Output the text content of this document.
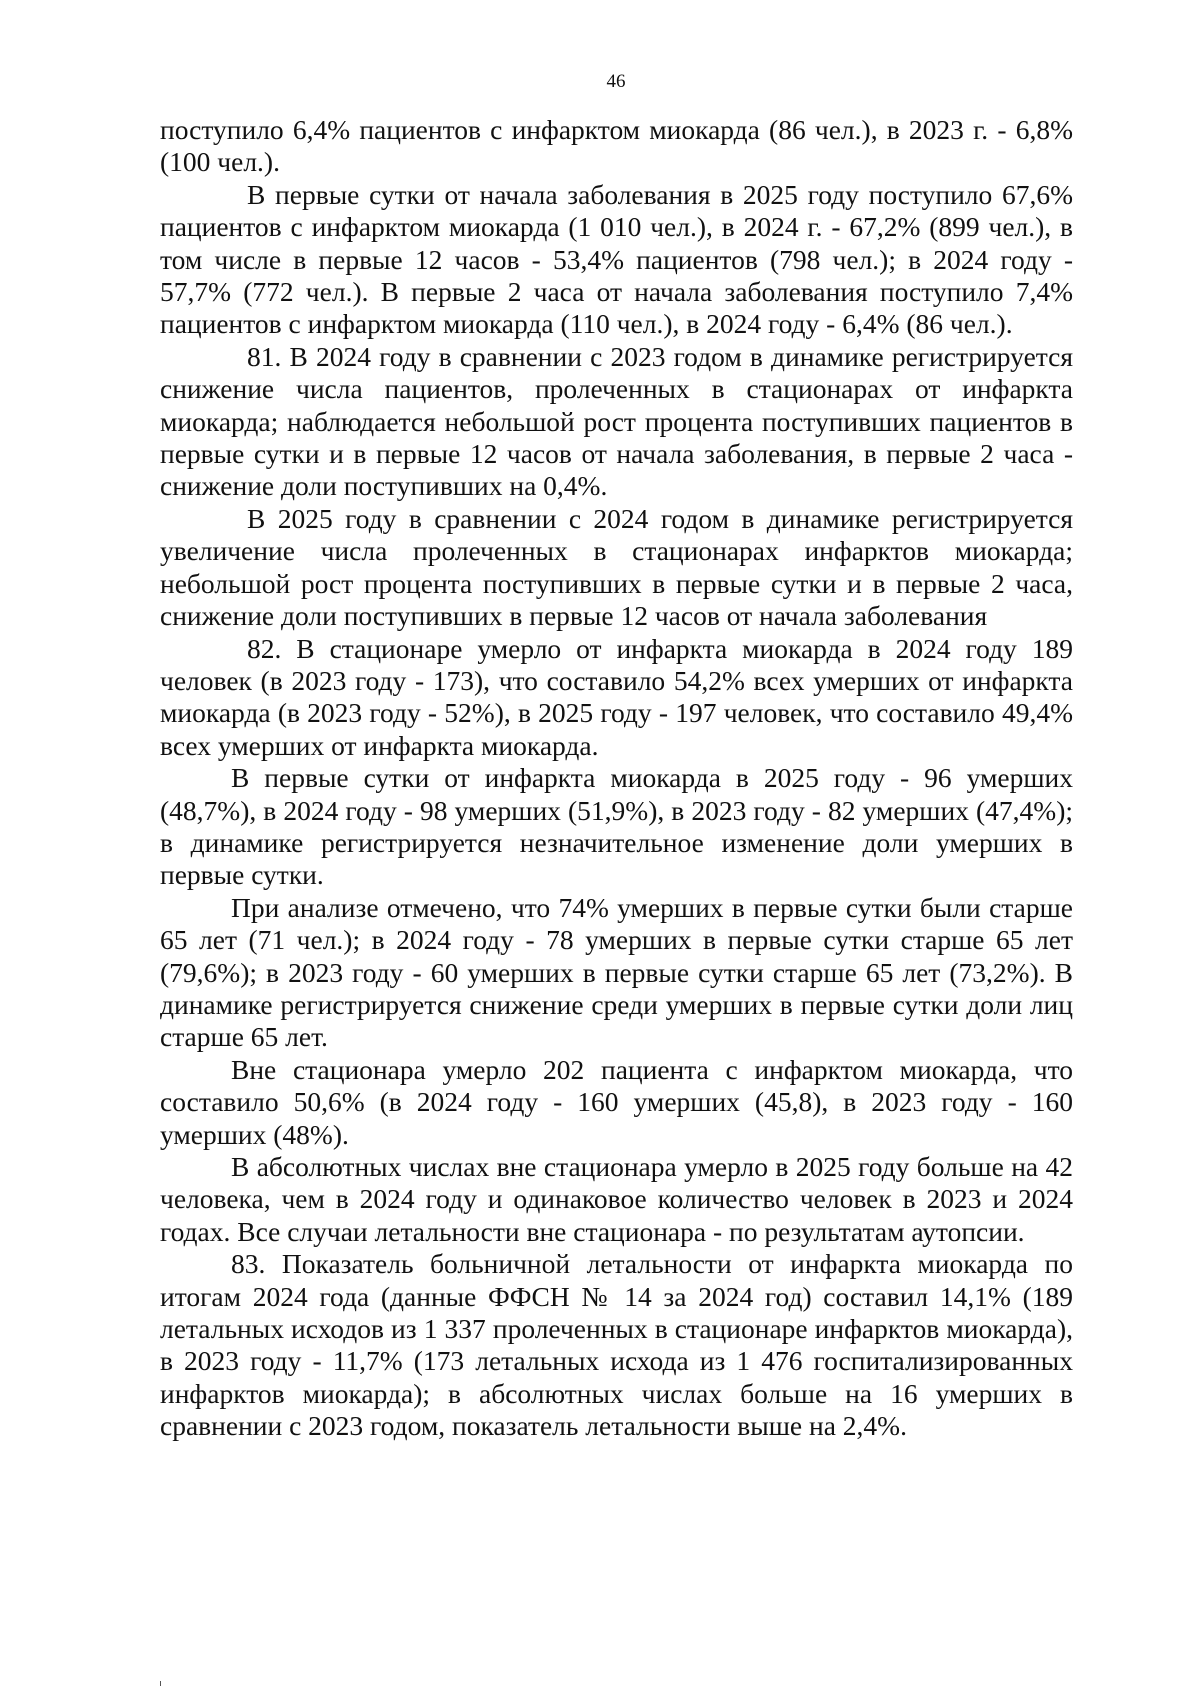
46

поступило 6,4% пациентов с инфарктом миокарда (86 чел.), в 2023 г. - 6,8% (100 чел.).

В первые сутки от начала заболевания в 2025 году поступило 67,6% пациентов с инфарктом миокарда (1 010 чел.), в 2024 г. - 67,2% (899 чел.), в том числе в первые 12 часов - 53,4% пациентов (798 чел.); в 2024 году - 57,7% (772 чел.). В первые 2 часа от начала заболевания поступило 7,4% пациентов с инфарктом миокарда (110 чел.), в 2024 году - 6,4% (86 чел.).

81. В 2024 году в сравнении с 2023 годом в динамике регистрируется снижение числа пациентов, пролеченных в стационарах от инфаркта миокарда; наблюдается небольшой рост процента поступивших пациентов в первые сутки и в первые 12 часов от начала заболевания, в первые 2 часа - снижение доли поступивших на 0,4%.

В 2025 году в сравнении с 2024 годом в динамике регистрируется увеличение числа пролеченных в стационарах инфарктов миокарда; небольшой рост процента поступивших в первые сутки и в первые 2 часа, снижение доли поступивших в первые 12 часов от начала заболевания

82. В стационаре умерло от инфаркта миокарда в 2024 году 189 человек (в 2023 году - 173), что составило 54,2% всех умерших от инфаркта миокарда (в 2023 году - 52%), в 2025 году - 197 человек, что составило 49,4% всех умерших от инфаркта миокарда.

В первые сутки от инфаркта миокарда в 2025 году - 96 умерших (48,7%), в 2024 году - 98 умерших (51,9%), в 2023 году - 82 умерших (47,4%); в динамике регистрируется незначительное изменение доли умерших в первые сутки.

При анализе отмечено, что 74% умерших в первые сутки были старше 65 лет (71 чел.); в 2024 году - 78 умерших в первые сутки старше 65 лет (79,6%); в 2023 году - 60 умерших в первые сутки старше 65 лет (73,2%). В динамике регистрируется снижение среди умерших в первые сутки доли лиц старше 65 лет.

Вне стационара умерло 202 пациента с инфарктом миокарда, что составило 50,6% (в 2024 году - 160 умерших (45,8), в 2023 году - 160 умерших (48%).

В абсолютных числах вне стационара умерло в 2025 году больше на 42 человека, чем в 2024 году и одинаковое количество человек в 2023 и 2024 годах. Все случаи летальности вне стационара - по результатам аутопсии.

83. Показатель больничной летальности от инфаркта миокарда по итогам 2024 года (данные ФФСН № 14 за 2024 год) составил 14,1% (189 летальных исходов из 1 337 пролеченных в стационаре инфарктов миокарда), в 2023 году - 11,7% (173 летальных исхода из 1 476 госпитализированных инфарктов миокарда); в абсолютных числах больше на 16 умерших в сравнении с 2023 годом, показатель летальности выше на 2,4%.
